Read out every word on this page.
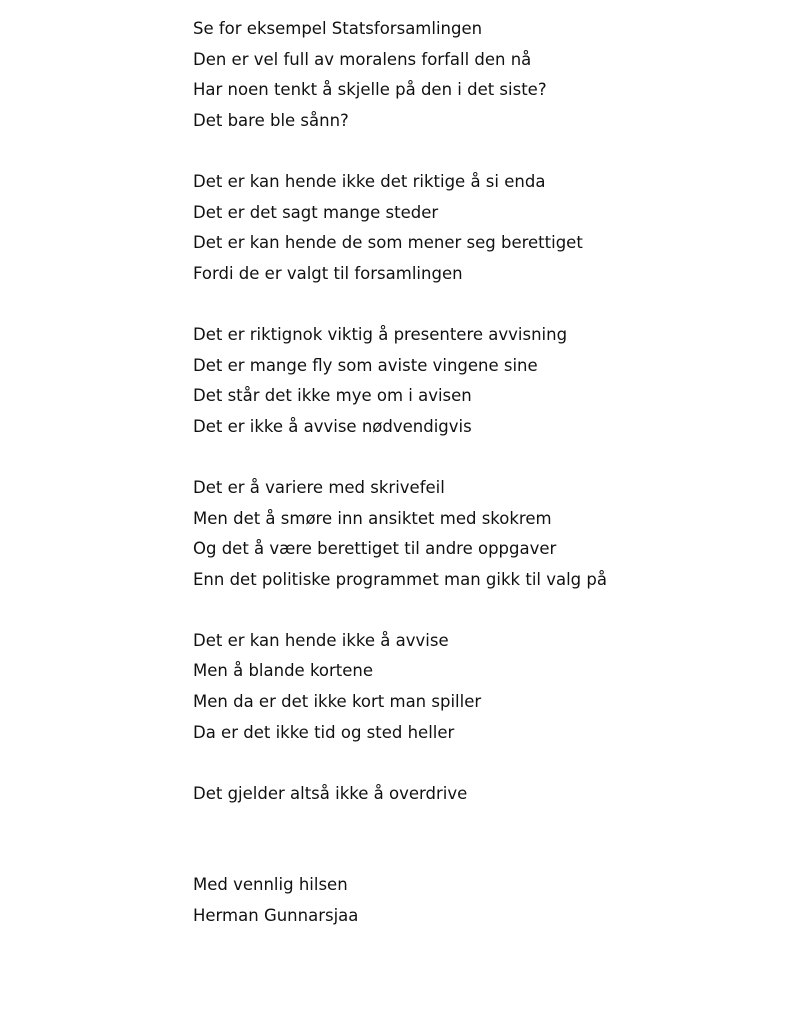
Se for eksempel Statsforsamlingen
Den er vel full av moralens forfall den nå
Har noen tenkt å skjelle på den i det siste?
Det bare ble sånn?
Det er kan hende ikke det riktige å si enda
Det er det sagt mange steder
Det er kan hende de som mener seg berettiget
Fordi de er valgt til forsamlingen
Det er riktignok viktig å presentere avvisning
Det er mange fly som aviste vingene sine
Det står det ikke mye om i avisen
Det er ikke å avvise nødvendigvis
Det er å variere med skrivefeil
Men det å smøre inn ansiktet med skokrem
Og det å være berettiget til andre oppgaver
Enn det politiske programmet man gikk til valg på
Det er kan hende ikke å avvise
Men å blande kortene
Men da er det ikke kort man spiller
Da er det ikke tid og sted heller
Det gjelder altså ikke å overdrive
Med vennlig hilsen
Herman Gunnarsjaa
